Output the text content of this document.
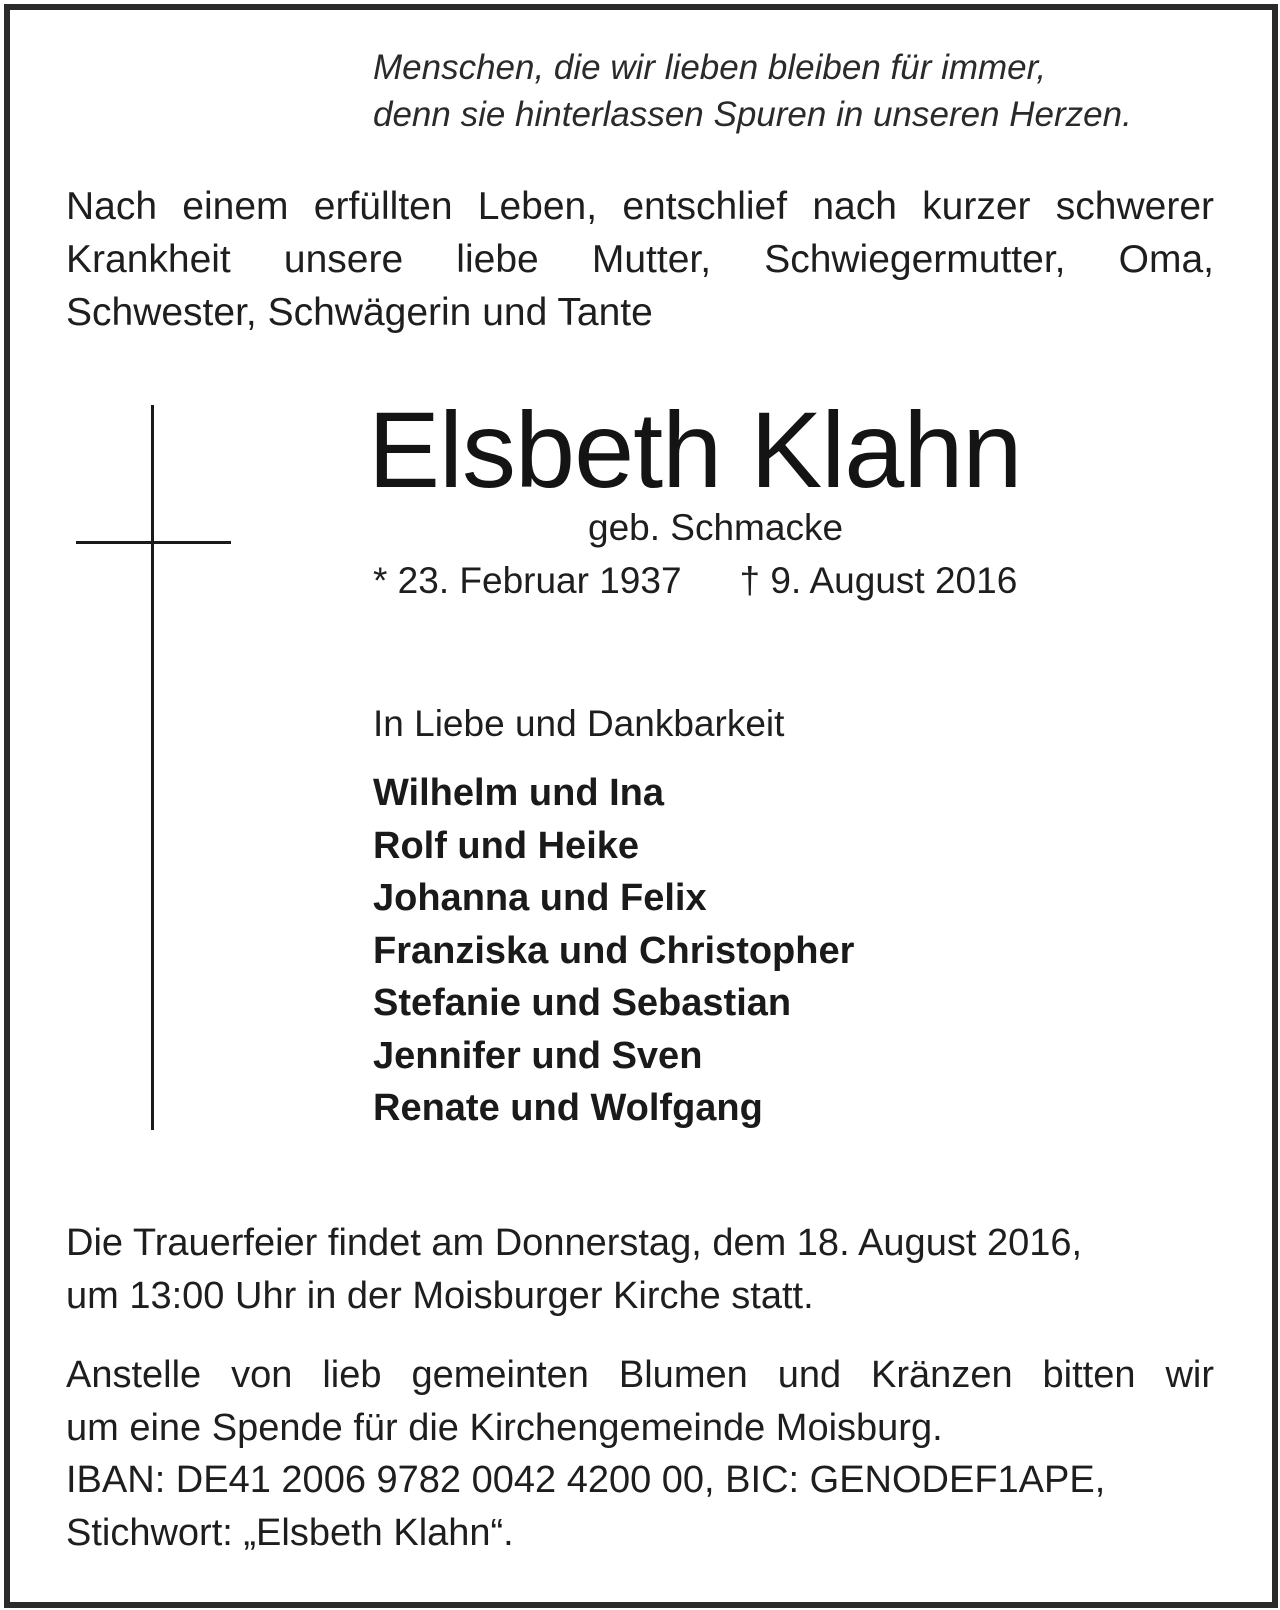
Menschen, die wir lieben bleiben für immer,
denn sie hinterlassen Spuren in unseren Herzen.
Nach einem erfüllten Leben, entschlief nach kurzer schwerer
Krankheit unsere liebe Mutter, Schwiegermutter, Oma,
Schwester, Schwägerin und Tante
Elsbeth Klahn
geb. Schmacke
* 23. Februar 1937 † 9. August 2016
In Liebe und Dankbarkeit
Wilhelm und Ina
Rolf und Heike
Johanna und Felix
Franziska und Christopher
Stefanie und Sebastian
Jennifer und Sven
Renate und Wolfgang
Die Trauerfeier findet am Donnerstag, dem 18. August 2016,
um 13:00 Uhr in der Moisburger Kirche statt.
Anstelle von lieb gemeinten Blumen und Kränzen bitten wir
um eine Spende für die Kirchengemeinde Moisburg.
IBAN: DE41 2006 9782 0042 4200 00, BIC: GENODEF1APE,
Stichwort: „Elsbeth Klahn“.
